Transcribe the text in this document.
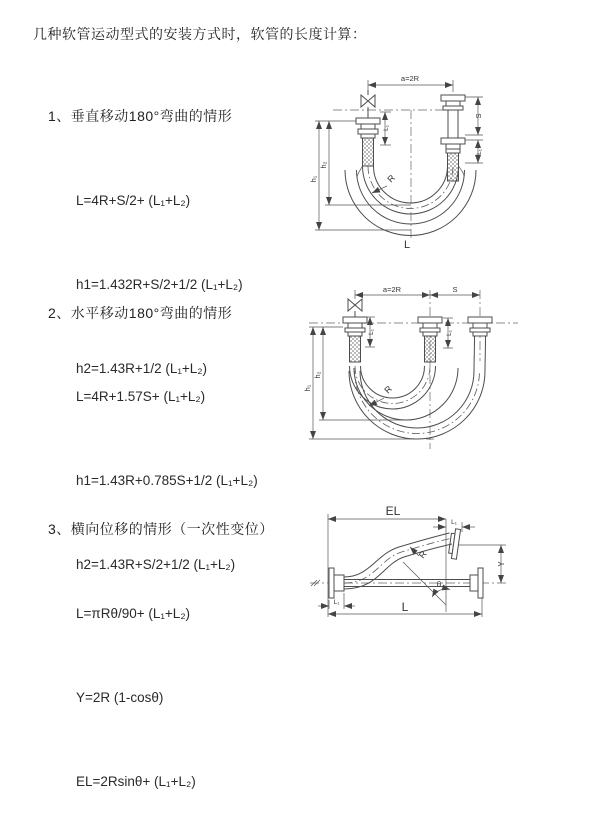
几种软管运动型式的安装方式时，软管的长度计算：
1、垂直移动180°弯曲的情形

L=4R+S/2+ (L₁+L₂)

h1=1.432R+S/2+1/2 (L₁+L₂)

h2=1.43R+1/2 (L₁+L₂)

2、水平移动180°弯曲的情形

L=4R+1.57S+ (L₁+L₂)

h1=1.43R+0.785S+1/2 (L₁+L₂)

h2=1.43R+S/2+1/2 (L₁+L₂)

3、横向位移的情形（一次性变位）

L=πRθ/90+ (L₁+L₂)

Y=2R (1-cosθ)

EL=2Rsinθ+ (L₁+L₂)

a=2R
h₁
h₂
L₁
S
L₁
R
L
a=2R	S
h₁
h₂
L₁	L₁
R
EL
L₁
Y
R
θ
L₁	L
